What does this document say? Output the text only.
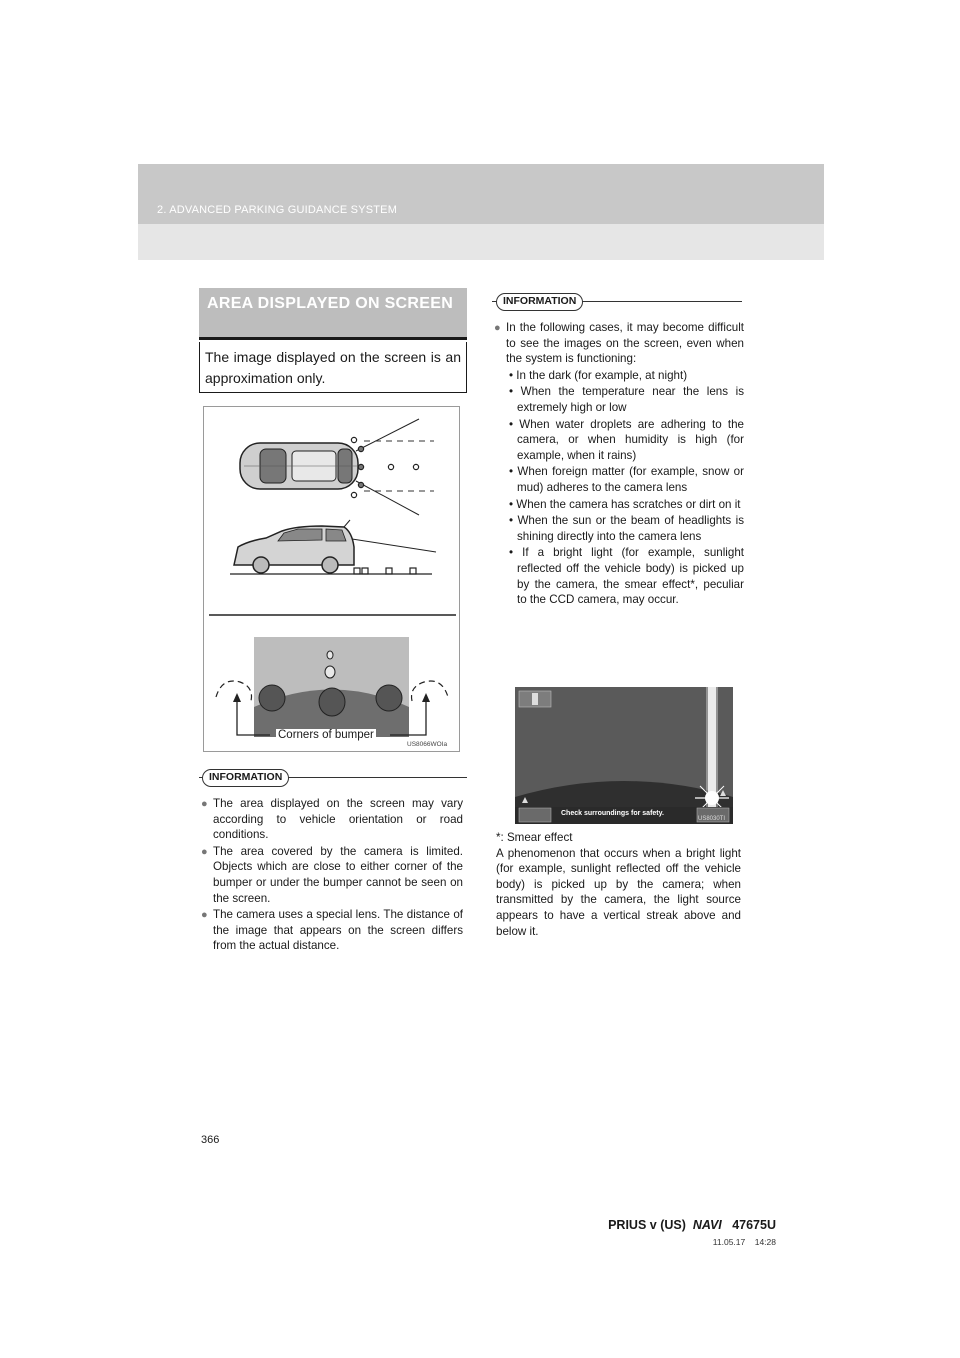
2. ADVANCED PARKING GUIDANCE SYSTEM
AREA DISPLAYED ON SCREEN

The image displayed on the screen is an approximation only.

Corners of bumper
US8066WOIa
INFORMATION
● The area displayed on the screen may vary according to vehicle orientation or road conditions.
● The area covered by the camera is limited. Objects which are close to either corner of the bumper or under the bumper cannot be seen on the screen.
● The camera uses a special lens. The distance of the image that appears on the screen differs from the actual distance.
INFORMATION
● In the following cases, it may become difficult to see the images on the screen, even when the system is functioning:
• In the dark (for example, at night)
• When the temperature near the lens is extremely high or low
• When water droplets are adhering to the camera, or when humidity is high (for example, when it rains)
• When foreign matter (for example, snow or mud) adheres to the camera lens
• When the camera has scratches or dirt on it
• When the sun or the beam of headlights is shining directly into the camera lens
• If a bright light (for example, sunlight reflected off the vehicle body) is picked up by the camera, the smear effect*, peculiar to the CCD camera, may occur.
Check surroundings for safety.
US8030TI
*: Smear effect
A phenomenon that occurs when a bright light (for example, sunlight reflected off the vehicle body) is picked up by the camera; when transmitted by the camera, the light source appears to have a vertical streak above and below it.
366
PRIUS v (US) NAVI 47675U
11.05.17 14:28
